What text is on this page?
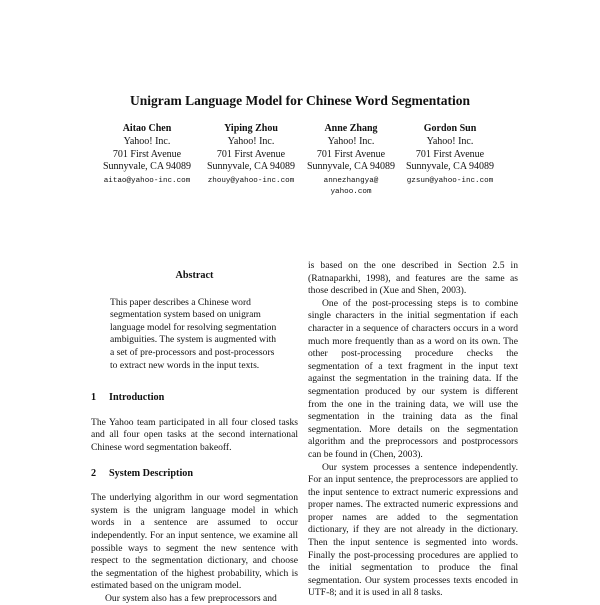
Unigram Language Model for Chinese Word Segmentation
Aitao Chen
Yahoo! Inc.
701 First Avenue
Sunnyvale, CA 94089
aitao@yahoo-inc.com
Yiping Zhou
Yahoo! Inc.
701 First Avenue
Sunnyvale, CA 94089
zhouy@yahoo-inc.com
Anne Zhang
Yahoo! Inc.
701 First Avenue
Sunnyvale, CA 94089
annezhangya@ yahoo.com
Gordon Sun
Yahoo! Inc.
701 First Avenue
Sunnyvale, CA 94089
gzsun@yahoo-inc.com
Abstract

This paper describes a Chinese word segmentation system based on unigram language model for resolving segmentation ambiguities. The system is augmented with a set of pre-processors and post-processors to extract new words in the input texts.

1 Introduction

The Yahoo team participated in all four closed tasks and all four open tasks at the second international Chinese word segmentation bakeoff.

2 System Description

The underlying algorithm in our word segmentation system is the unigram language model in which words in a sentence are assumed to occur independently. For an input sentence, we examine all possible ways to segment the new sentence with respect to the segmentation dictionary, and choose the segmentation of the highest probability, which is estimated based on the unigram model.

Our system also has a few preprocessors and

is based on the one described in Section 2.5 in (Ratnaparkhi, 1998), and features are the same as those described in (Xue and Shen, 2003).

One of the post-processing steps is to combine single characters in the initial segmentation if each character in a sequence of characters occurs in a word much more frequently than as a word on its own. The other post-processing procedure checks the segmentation of a text fragment in the input text against the segmentation in the training data. If the segmentation produced by our system is different from the one in the training data, we will use the segmentation in the training data as the final segmentation. More details on the segmentation algorithm and the preprocessors and postprocessors can be found in (Chen, 2003).

Our system processes a sentence independently. For an input sentence, the preprocessors are applied to the input sentence to extract numeric expressions and proper names. The extracted numeric expressions and proper names are added to the segmentation dictionary, if they are not already in the dictionary. Then the input sentence is segmented into words. Finally the post-processing procedures are applied to the initial segmentation to produce the final segmentation. Our system processes texts encoded in UTF-8; and it is used in all 8 tasks.
